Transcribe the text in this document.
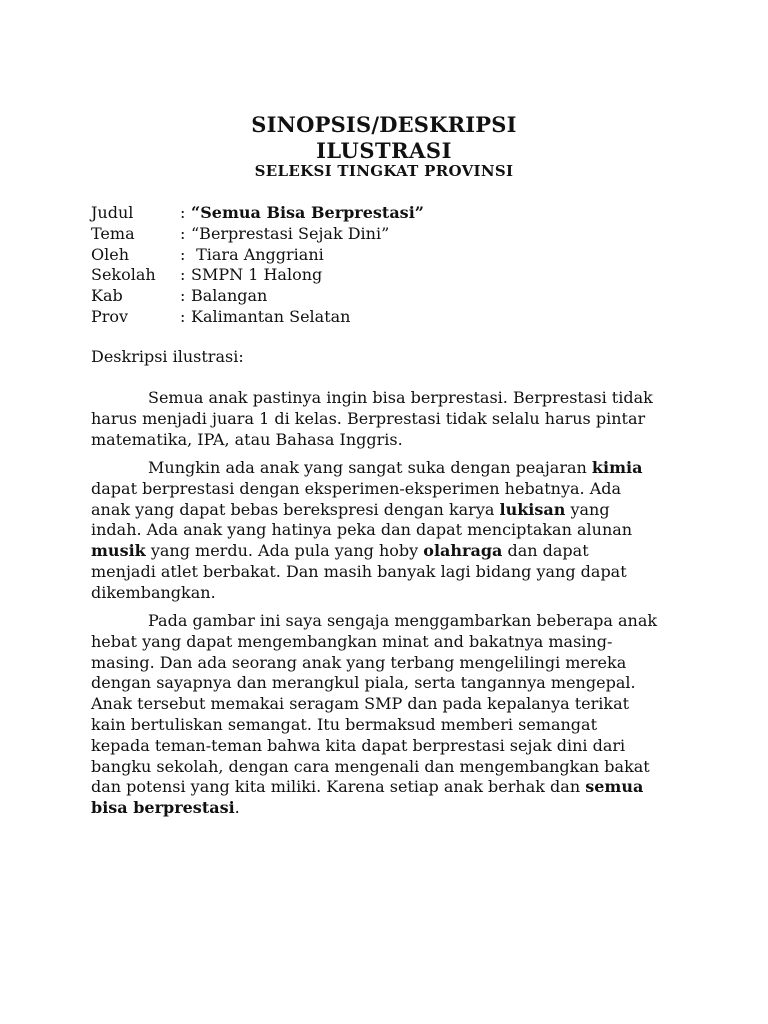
SINOPSIS/DESKRIPSI
ILUSTRASI
SELEKSI TINGKAT PROVINSI
Judul	: “Semua Bisa Berprestasi”
Tema	: “Berprestasi Sejak Dini”
Oleh	: Tiara Anggriani
Sekolah	: SMPN 1 Halong
Kab	: Balangan
Prov	: Kalimantan Selatan
Deskripsi ilustrasi:

Semua anak pastinya ingin bisa berprestasi. Berprestasi tidak
harus menjadi juara 1 di kelas. Berprestasi tidak selalu harus pintar
matematika, IPA, atau Bahasa Inggris.

Mungkin ada anak yang sangat suka dengan peajaran kimia
dapat berprestasi dengan eksperimen-eksperimen hebatnya. Ada
anak yang dapat bebas berekspresi dengan karya lukisan yang
indah. Ada anak yang hatinya peka dan dapat menciptakan alunan
musik yang merdu. Ada pula yang hoby olahraga dan dapat
menjadi atlet berbakat. Dan masih banyak lagi bidang yang dapat
dikembangkan.

Pada gambar ini saya sengaja menggambarkan beberapa anak
hebat yang dapat mengembangkan minat and bakatnya masing-
masing. Dan ada seorang anak yang terbang mengelilingi mereka
dengan sayapnya dan merangkul piala, serta tangannya mengepal.
Anak tersebut memakai seragam SMP dan pada kepalanya terikat
kain bertuliskan semangat. Itu bermaksud memberi semangat
kepada teman-teman bahwa kita dapat berprestasi sejak dini dari
bangku sekolah, dengan cara mengenali dan mengembangkan bakat
dan potensi yang kita miliki. Karena setiap anak berhak dan semua
bisa berprestasi.
